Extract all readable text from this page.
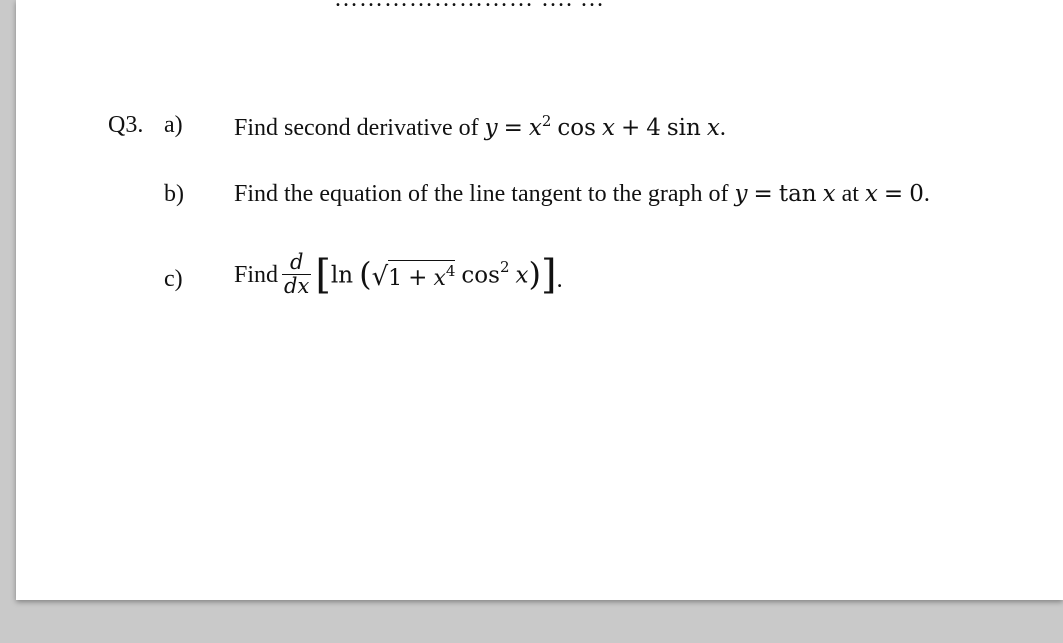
Q3. a) Find second derivative of $y = x^2$ cos x + 4 sin x.
b) Find the equation of the line tangent to the graph of y = tan x at x = 0.
c) Find $\frac{d}{dx} [\ln$ ($√1 + x^4$ $\cos^2 x$)].
